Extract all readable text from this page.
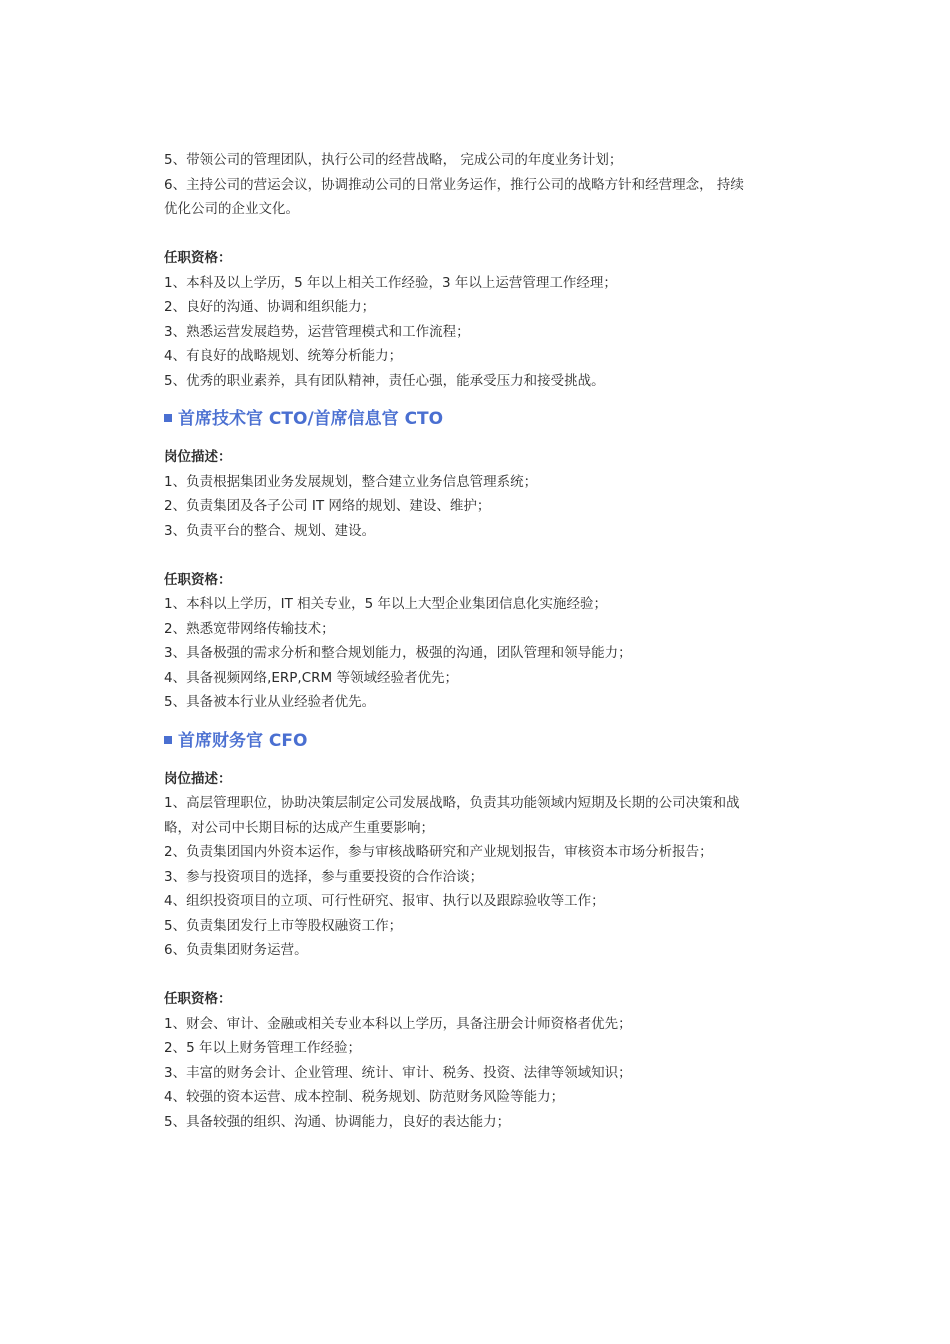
5、带领公司的管理团队，执行公司的经营战略， 完成公司的年度业务计划；

6、主持公司的营运会议，协调推动公司的日常业务运作，推行公司的战略方针和经营理念， 持续

优化公司的企业文化。

任职资格：

1、本科及以上学历，5 年以上相关工作经验，3 年以上运营管理工作经理；

2、良好的沟通、协调和组织能力；

3、熟悉运营发展趋势，运营管理模式和工作流程；

4、有良好的战略规划、统筹分析能力；

5、优秀的职业素养，具有团队精神，责任心强，能承受压力和接受挑战。

首席技术官 CTO/首席信息官 CTO

岗位描述：

1、负责根据集团业务发展规划，整合建立业务信息管理系统；

2、负责集团及各子公司 IT 网络的规划、建设、维护；

3、负责平台的整合、规划、建设。

任职资格：

1、本科以上学历，IT 相关专业，5 年以上大型企业集团信息化实施经验；

2、熟悉宽带网络传输技术；

3、具备极强的需求分析和整合规划能力，极强的沟通，团队管理和领导能力；

4、具备视频网络,ERP,CRM 等领域经验者优先；

5、具备被本行业从业经验者优先。

首席财务官 CFO

岗位描述：

1、高层管理职位，协助决策层制定公司发展战略，负责其功能领域内短期及长期的公司决策和战

略，对公司中长期目标的达成产生重要影响；

2、负责集团国内外资本运作，参与审核战略研究和产业规划报告，审核资本市场分析报告；

3、参与投资项目的选择，参与重要投资的合作洽谈；

4、组织投资项目的立项、可行性研究、报审、执行以及跟踪验收等工作；

5、负责集团发行上市等股权融资工作；

6、负责集团财务运营。

任职资格：

1、财会、审计、金融或相关专业本科以上学历，具备注册会计师资格者优先；

2、5 年以上财务管理工作经验；

3、丰富的财务会计、企业管理、统计、审计、税务、投资、法律等领域知识；

4、较强的资本运营、成本控制、税务规划、防范财务风险等能力；

5、具备较强的组织、沟通、协调能力，良好的表达能力；
